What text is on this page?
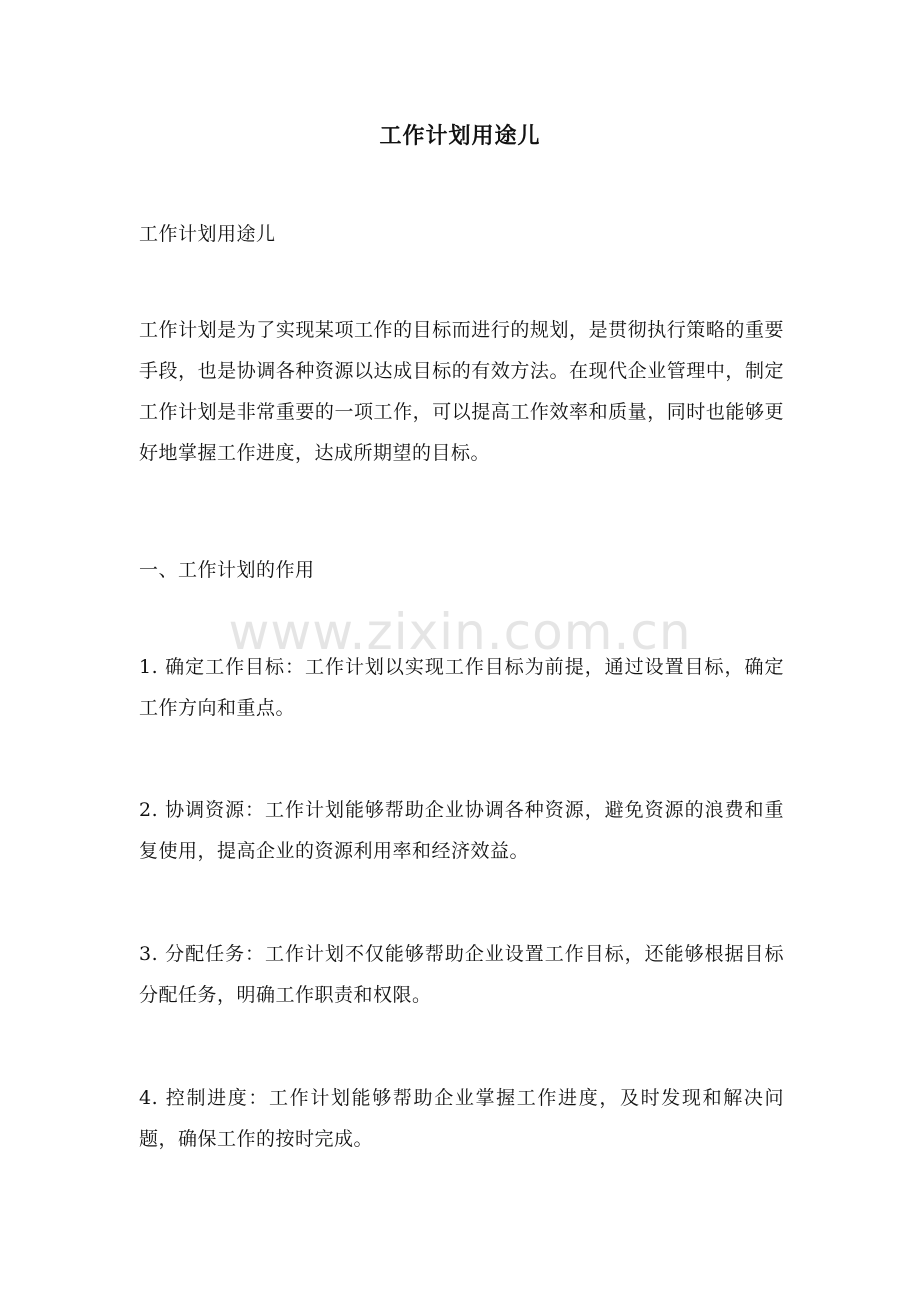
工作计划用途儿
工作计划用途儿
工作计划是为了实现某项工作的目标而进行的规划，是贯彻执行策略的重要手段，也是协调各种资源以达成目标的有效方法。在现代企业管理中，制定工作计划是非常重要的一项工作，可以提高工作效率和质量，同时也能够更好地掌握工作进度，达成所期望的目标。
一、工作计划的作用
1. 确定工作目标：工作计划以实现工作目标为前提，通过设置目标，确定工作方向和重点。
2. 协调资源：工作计划能够帮助企业协调各种资源，避免资源的浪费和重复使用，提高企业的资源利用率和经济效益。
3. 分配任务：工作计划不仅能够帮助企业设置工作目标，还能够根据目标分配任务，明确工作职责和权限。
4. 控制进度：工作计划能够帮助企业掌握工作进度，及时发现和解决问题，确保工作的按时完成。
www.zixin.com.cn
